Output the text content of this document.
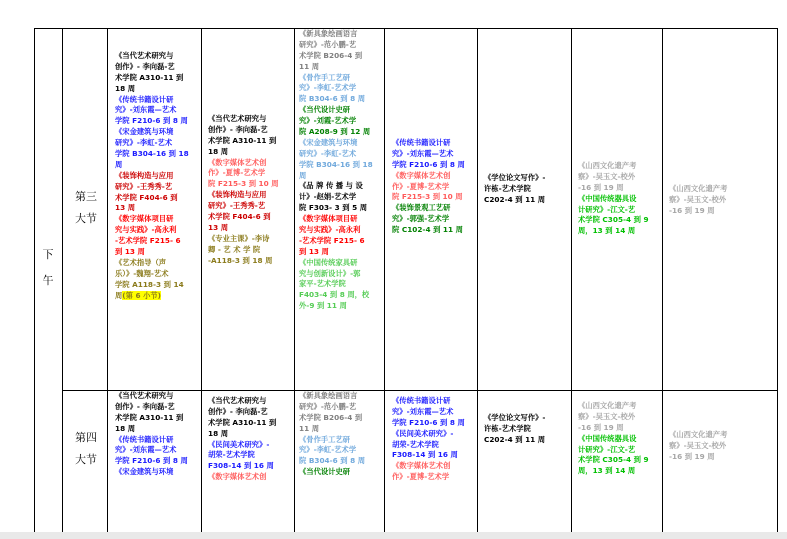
下
午
第三
大节
第四
大节
《当代艺术研究与
创作》- 李向磊-艺
术学院 A310-11 到
18 周
《传统书籍设计研
究》-刘东霞—艺术
学院 F210-6 到 8 周
《宋金建筑与环境
研究》-李虹-艺术
学院 B304-16 到 18
周
《装饰构造与应用
研究》-王秀秀-艺
术学院 F404-6 到
13 周
《数字媒体项目研
究与实践》-高永利
-艺术学院 F215- 6
到 13 周
《艺术指导（声
乐）》-魏翔-艺术
学院 A118-3 到 14
周(第 6 小节)
《当代艺术研究与
创作》- 李向磊-艺
术学院 A310-11 到
18 周
《数字媒体艺术创
作》-夏博-艺术学
院 F215-3 到 10 周
《装饰构造与应用
研究》-王秀秀-艺
术学院 F404-6 到
13 周
《专业主课》-李诗
卿 - 艺 术 学 院
-A118-3 到 18 周
《新具象绘画语言
研究》-范小鹏-艺
术学院 B206-4 到
11 周
《骨作手工艺研
究》-李虹-艺术学
院 B304-6 到 8 周
《当代设计史研
究》-刘霞-艺术学
院 A208-9 到 12 周
《宋金建筑与环境
研究》-李虹-艺术
学院 B304-16 到 18
周
《品 牌 传 播 与 设
计》-赵娟-艺术学
院 F303- 3 到 5 周
《数字媒体项目研
究与实践》-高永利
-艺术学院 F215- 6
到 13 周
《中国传统家具研
究与创新设计》-郭
家平-艺术学院
F403-4 到 8 周，校
外-9 到 11 周
《传统书籍设计研
究》-刘东霞—艺术
学院 F210-6 到 8 周
《数字媒体艺术创
作》-夏博-艺术学
院 F215-3 到 10 周
《装饰景观工艺研
究》-郭强-艺术学
院 C102-4 到 11 周
《学位论文写作》-
许栋-艺术学院
C202-4 到 11 周
《山西文化遗产考
察》-吴玉文-校外
-16 到 19 周
《中国传统器具设
计研究》-江文-艺
术学院 C305-4 到 9
周，13 到 14 周
《山西文化遗产考
察》-吴玉文-校外
-16 到 19 周
《当代艺术研究与
创作》- 李向磊-艺
术学院 A310-11 到
18 周
《传统书籍设计研
究》-刘东霞—艺术
学院 F210-6 到 8 周
《宋金建筑与环境
《当代艺术研究与
创作》- 李向磊-艺
术学院 A310-11 到
18 周
《民间美术研究》-
胡荣-艺术学院
F308-14 到 16 周
《数字媒体艺术创
《新具象绘画语言
研究》-范小鹏-艺
术学院 B206-4 到
11 周
《骨作手工艺研
究》-李虹-艺术学
院 B304-6 到 8 周
《当代设计史研
《传统书籍设计研
究》-刘东霞—艺术
学院 F210-6 到 8 周
《民间美术研究》-
胡荣-艺术学院
F308-14 到 16 周
《数字媒体艺术创
作》-夏博-艺术学
《学位论文写作》-
许栋-艺术学院
C202-4 到 11 周
《山西文化遗产考
察》-吴玉文-校外
-16 到 19 周
《中国传统器具设
计研究》-江文-艺
术学院 C305-4 到 9
周，13 到 14 周
《山西文化遗产考
察》-吴玉文-校外
-16 到 19 周
